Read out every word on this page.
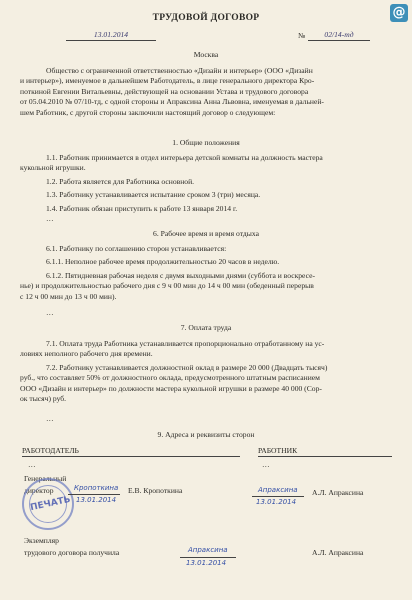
@
ТРУДОВОЙ ДОГОВОР
13.01.2014	№	02/14-тд
Москва
Общество с ограниченной ответственностью «Дизайн и интерьер» (ООО «Дизайн
и интерьер»), именуемое в дальнейшем Работодатель, в лице генерального директора Кро-
поткиной Евгении Витальевны, действующей на основании Устава и трудового договора
от 05.04.2010 № 07/10-тд, с одной стороны и Апраксина Анна Львовна, именуемая в дальней-
шем Работник, с другой стороны заключили настоящий договор о следующем:
1. Общие положения
1.1. Работник принимается в отдел интерьера детской комнаты на должность мастера
кукольной игрушки.
1.2. Работа является для Работника основной.
1.3. Работнику устанавливается испытание сроком 3 (три) месяца.
1.4. Работник обязан приступить к работе 13 января 2014 г.
…
6. Рабочее время и время отдыха
6.1. Работнику по соглашению сторон устанавливается:
6.1.1. Неполное рабочее время продолжительностью 20 часов в неделю.
6.1.2. Пятидневная рабочая неделя с двумя выходными днями (суббота и воскресе-
нье) и продолжительностью рабочего дня с 9 ч 00 мин до 14 ч 00 мин (обеденный перерыв
с 12 ч 00 мин до 13 ч 00 мин).
…
7. Оплата труда
7.1. Оплата труда Работника устанавливается пропорционально отработанному на ус-
ловиях неполного рабочего дня времени.
7.2. Работнику устанавливается должностной оклад в размере 20 000 (Двадцать тысяч)
руб., что составляет 50% от должностного оклада, предусмотренного штатным расписанием
ООО «Дизайн и интерьер» по должности мастера кукольной игрушки в размере 40 000 (Сор-
ок тысяч) руб.
…
9. Адреса и реквизиты сторон
РАБОТОДАТЕЛЬ	РАБОТНИК
…	…
Генеральный
директор
ПЕЧАТЬ
Кропоткина
13.01.2014
Е.В. Кропоткина	Апраксина
13.01.2014
А.Л. Апраксина
Экземпляр
трудового договора получила	Апраксина
13.01.2014
А.Л. Апраксина
